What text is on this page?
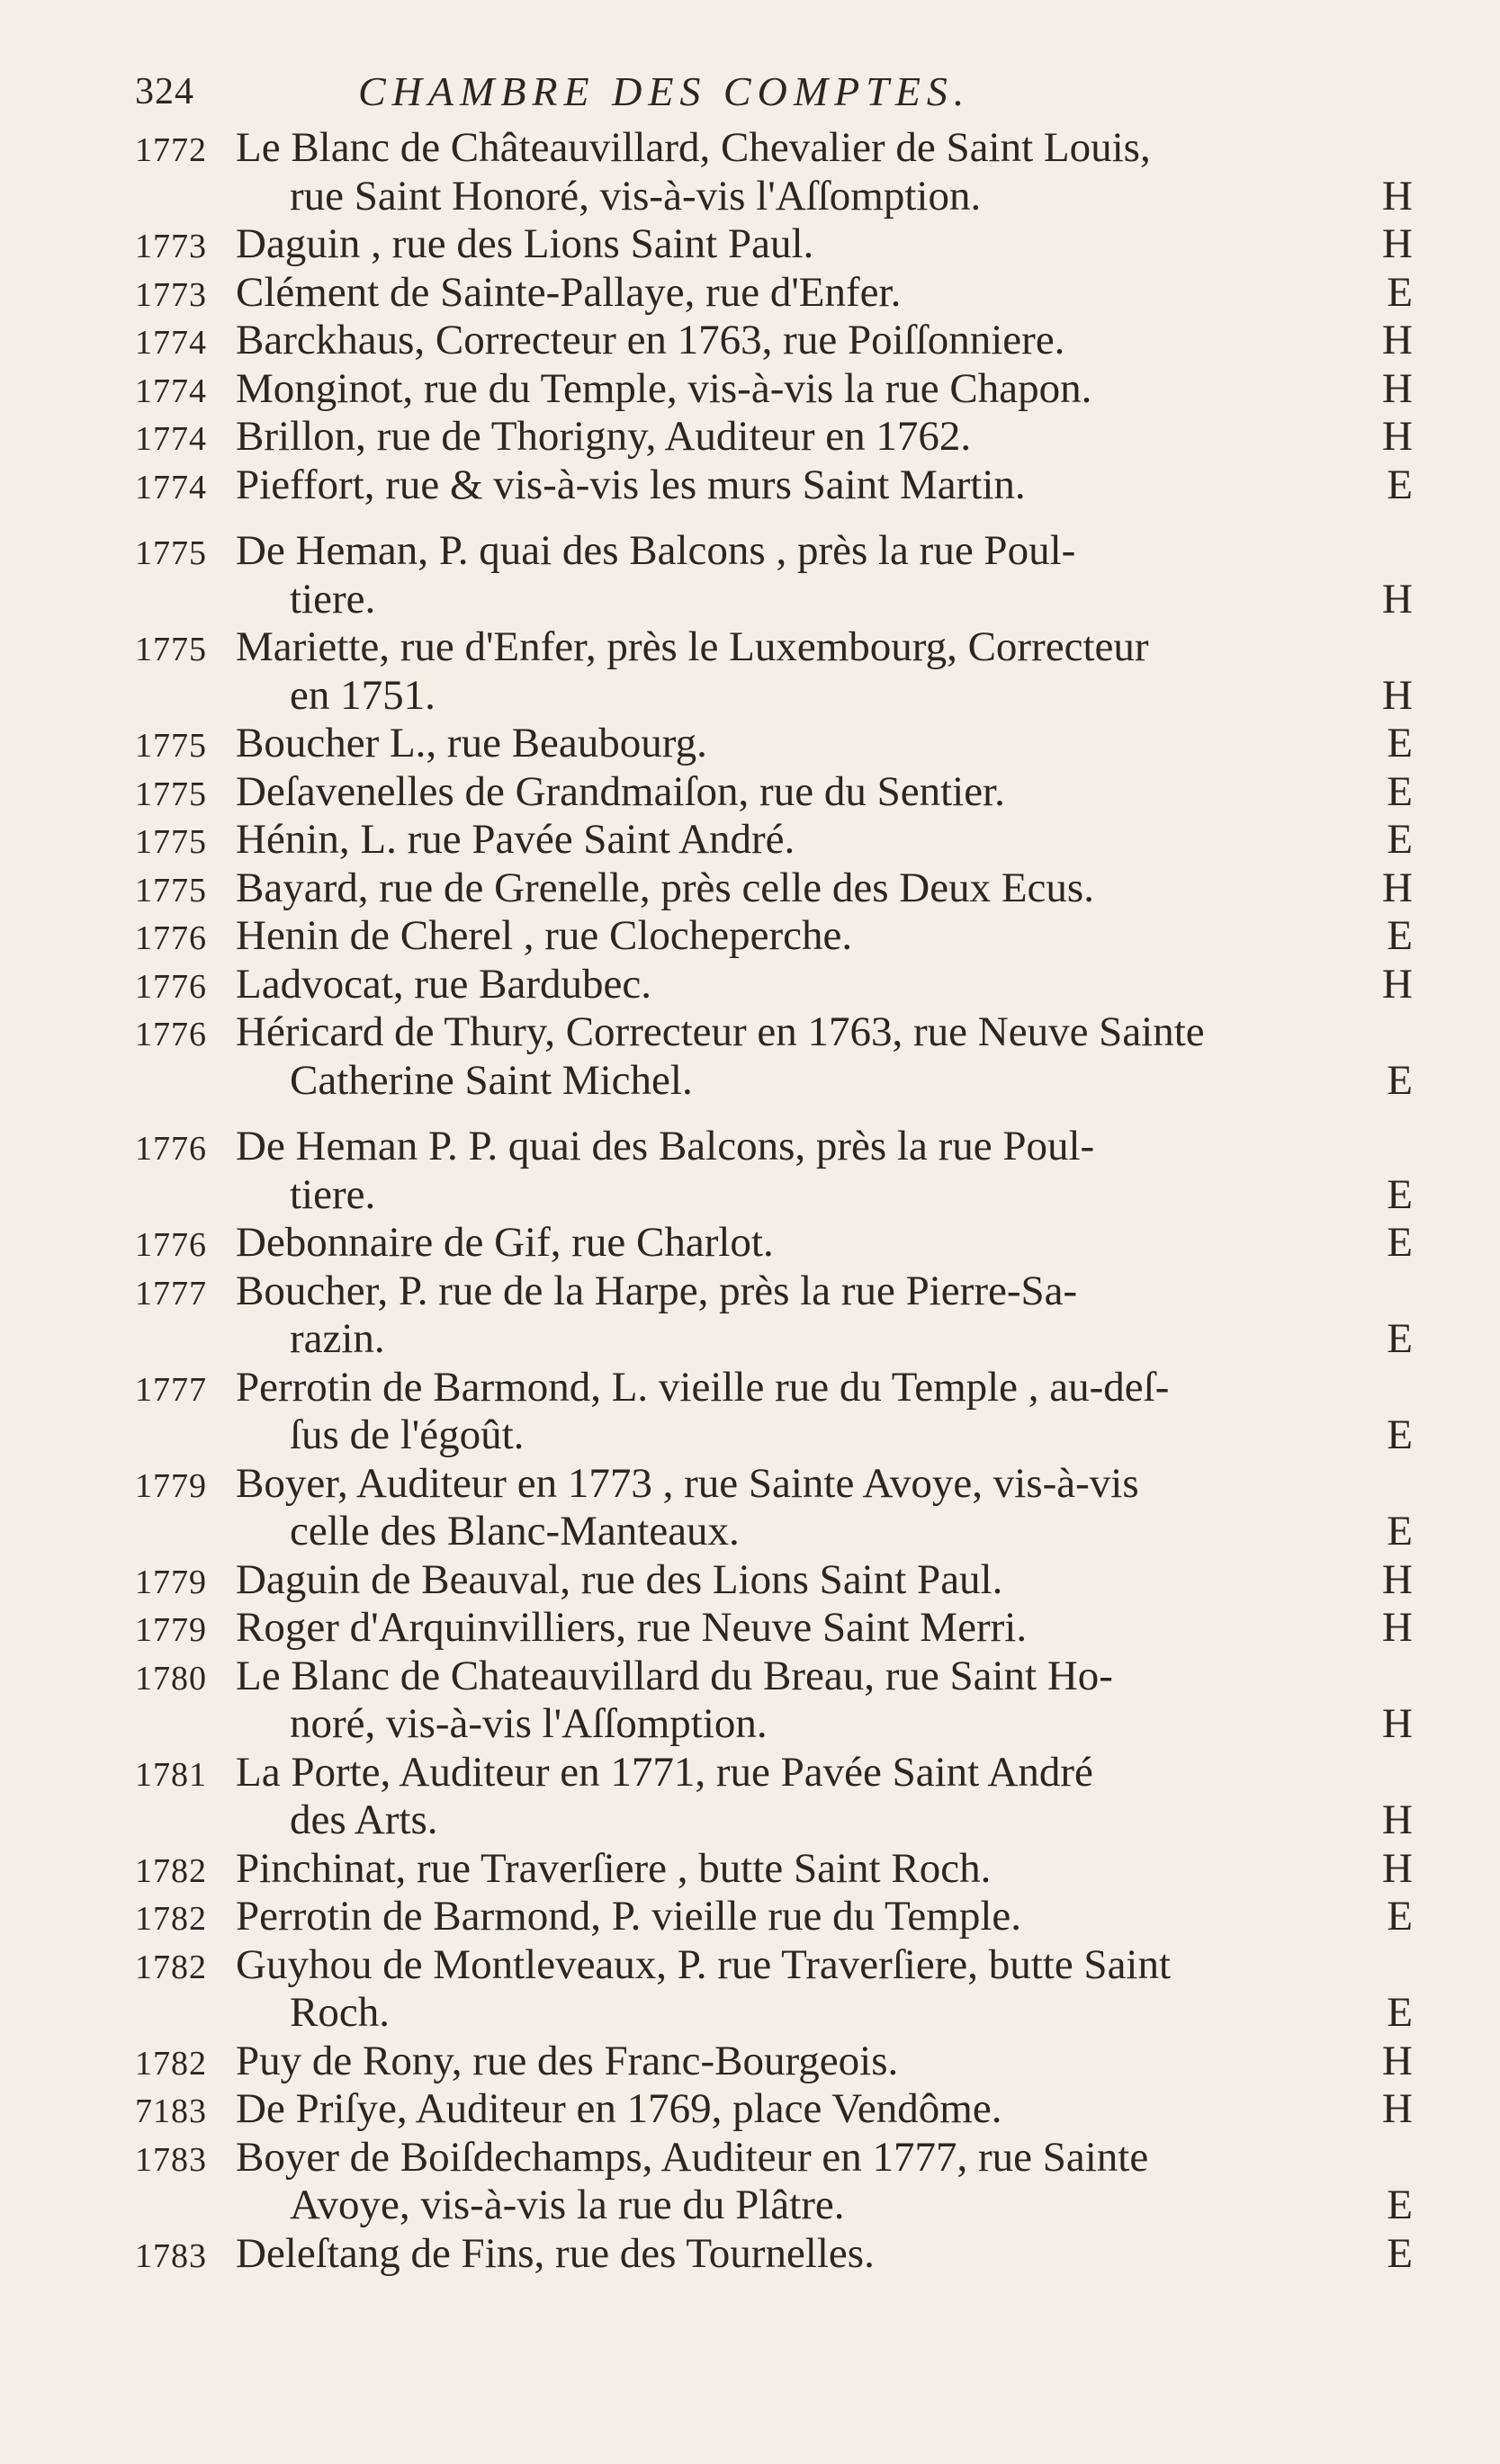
324	CHAMBRE DES COMPTES.
1772 Le Blanc de Châteauvillard, Chevalier de Saint Louis,
rue Saint Honoré, vis-à-vis l'Aſſomption.	H
1773 Daguin , rue des Lions Saint Paul.	H
1773 Clément de Sainte-Pallaye, rue d'Enfer.	E
1774 Barckhaus, Correcteur en 1763, rue Poiſſonniere.	H
1774 Monginot, rue du Temple, vis-à-vis la rue Chapon.	H
1774 Brillon, rue de Thorigny, Auditeur en 1762.	H
1774 Pieffort, rue & vis-à-vis les murs Saint Martin.	E
1775 De Heman, P. quai des Balcons , près la rue Poul-
tiere.	H
1775 Mariette, rue d'Enfer, près le Luxembourg, Correcteur
en 1751.	H
1775 Boucher L., rue Beaubourg.	E
1775 Deſavenelles de Grandmaiſon, rue du Sentier.	E
1775 Hénin, L. rue Pavée Saint André.	E
1775 Bayard, rue de Grenelle, près celle des Deux Ecus.	H
1776 Henin de Cherel , rue Clocheperche.	E
1776 Ladvocat, rue Bardubec.	H
1776 Héricard de Thury, Correcteur en 1763, rue Neuve Sainte
Catherine Saint Michel.	E
1776 De Heman P. P. quai des Balcons, près la rue Poul-
tiere.	E
1776 Debonnaire de Gif, rue Charlot.	E
1777 Boucher, P. rue de la Harpe, près la rue Pierre-Sa-
razin.	E
1777 Perrotin de Barmond, L. vieille rue du Temple , au-deſ-
ſus de l'égoût.	E
1779 Boyer, Auditeur en 1773 , rue Sainte Avoye, vis-à-vis
celle des Blanc-Manteaux.	E
1779 Daguin de Beauval, rue des Lions Saint Paul.	H
1779 Roger d'Arquinvilliers, rue Neuve Saint Merri.	H
1780 Le Blanc de Chateauvillard du Breau, rue Saint Ho-
noré, vis-à-vis l'Aſſomption.	H
1781 La Porte, Auditeur en 1771, rue Pavée Saint André
des Arts.	H
1782 Pinchinat, rue Traverſiere , butte Saint Roch.	H
1782 Perrotin de Barmond, P. vieille rue du Temple.	E
1782 Guyhou de Montleveaux, P. rue Traverſiere, butte Saint
Roch.	E
1782 Puy de Rony, rue des Franc-Bourgeois.	H
7183 De Priſye, Auditeur en 1769, place Vendôme.	H
1783 Boyer de Boiſdechamps, Auditeur en 1777, rue Sainte
Avoye, vis-à-vis la rue du Plâtre.	E
1783 Deleſtang de Fins, rue des Tournelles.	E
